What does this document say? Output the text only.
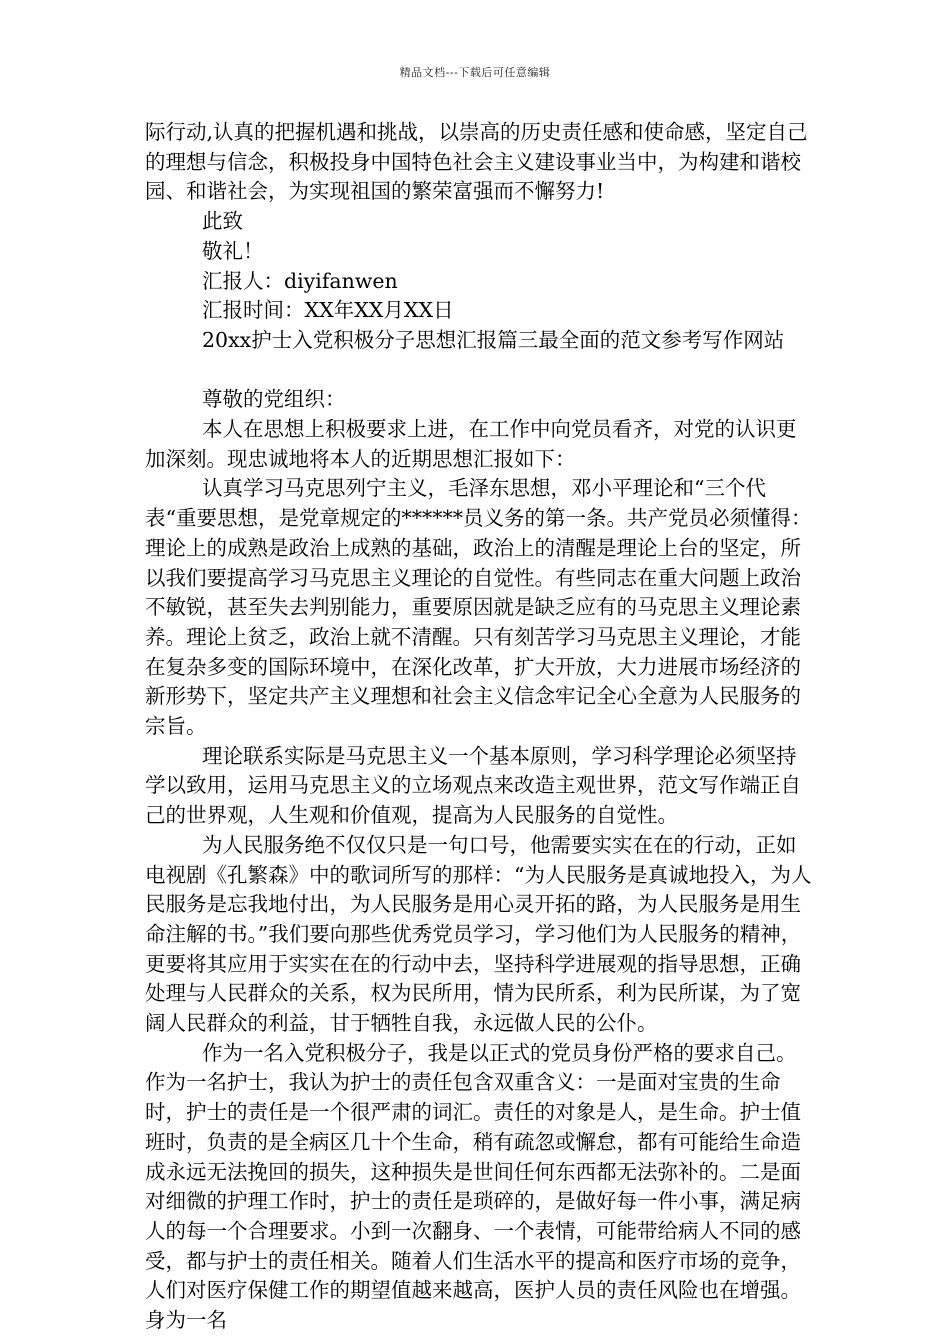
精品文档---下载后可任意编辑

际行动,认真的把握机遇和挑战，以崇高的历史责任感和使命感，坚定自己的理想与信念，积极投身中国特色社会主义建设事业当中，为构建和谐校园、和谐社会，为实现祖国的繁荣富强而不懈努力!

此致

敬礼！

汇报人：diyifanwen

汇报时间：XX年XX月XX日

20xx护士入党积极分子思想汇报篇三最全面的范文参考写作网站

尊敬的党组织：

本人在思想上积极要求上进，在工作中向党员看齐，对党的认识更加深刻。现忠诚地将本人的近期思想汇报如下：

认真学习马克思列宁主义，毛泽东思想，邓小平理论和“三个代表“重要思想，是党章规定的******员义务的第一条。共产党员必须懂得：理论上的成熟是政治上成熟的基础，政治上的清醒是理论上台的坚定，所以我们要提高学习马克思主义理论的自觉性。有些同志在重大问题上政治不敏锐，甚至失去判别能力，重要原因就是缺乏应有的马克思主义理论素养。理论上贫乏，政治上就不清醒。只有刻苦学习马克思主义理论，才能在复杂多变的国际环境中，在深化改革，扩大开放，大力进展市场经济的新形势下，坚定共产主义理想和社会主义信念牢记全心全意为人民服务的宗旨。

理论联系实际是马克思主义一个基本原则，学习科学理论必须坚持学以致用，运用马克思主义的立场观点来改造主观世界，范文写作端正自己的世界观，人生观和价值观，提高为人民服务的自觉性。

为人民服务绝不仅仅只是一句口号，他需要实实在在的行动，正如电视剧《孔繁森》中的歌词所写的那样：“为人民服务是真诚地投入，为人民服务是忘我地付出，为人民服务是用心灵开拓的路，为人民服务是用生命注解的书。”我们要向那些优秀党员学习，学习他们为人民服务的精神，更要将其应用于实实在在的行动中去，坚持科学进展观的指导思想，正确处理与人民群众的关系，权为民所用，情为民所系，利为民所谋，为了宽阔人民群众的利益，甘于牺牲自我，永远做人民的公仆。

作为一名入党积极分子，我是以正式的党员身份严格的要求自己。作为一名护士，我认为护士的责任包含双重含义：一是面对宝贵的生命时，护士的责任是一个很严肃的词汇。责任的对象是人，是生命。护士值班时，负责的是全病区几十个生命，稍有疏忽或懈怠，都有可能给生命造成永远无法挽回的损失，这种损失是世间任何东西都无法弥补的。二是面对细微的护理工作时，护士的责任是琐碎的，是做好每一件小事，满足病人的每一个合理要求。小到一次翻身、一个表情，可能带给病人不同的感受，都与护士的责任相关。随着人们生活水平的提高和医疗市场的竞争，人们对医疗保健工作的期望值越来越高，医护人员的责任风险也在增强。身为一名
